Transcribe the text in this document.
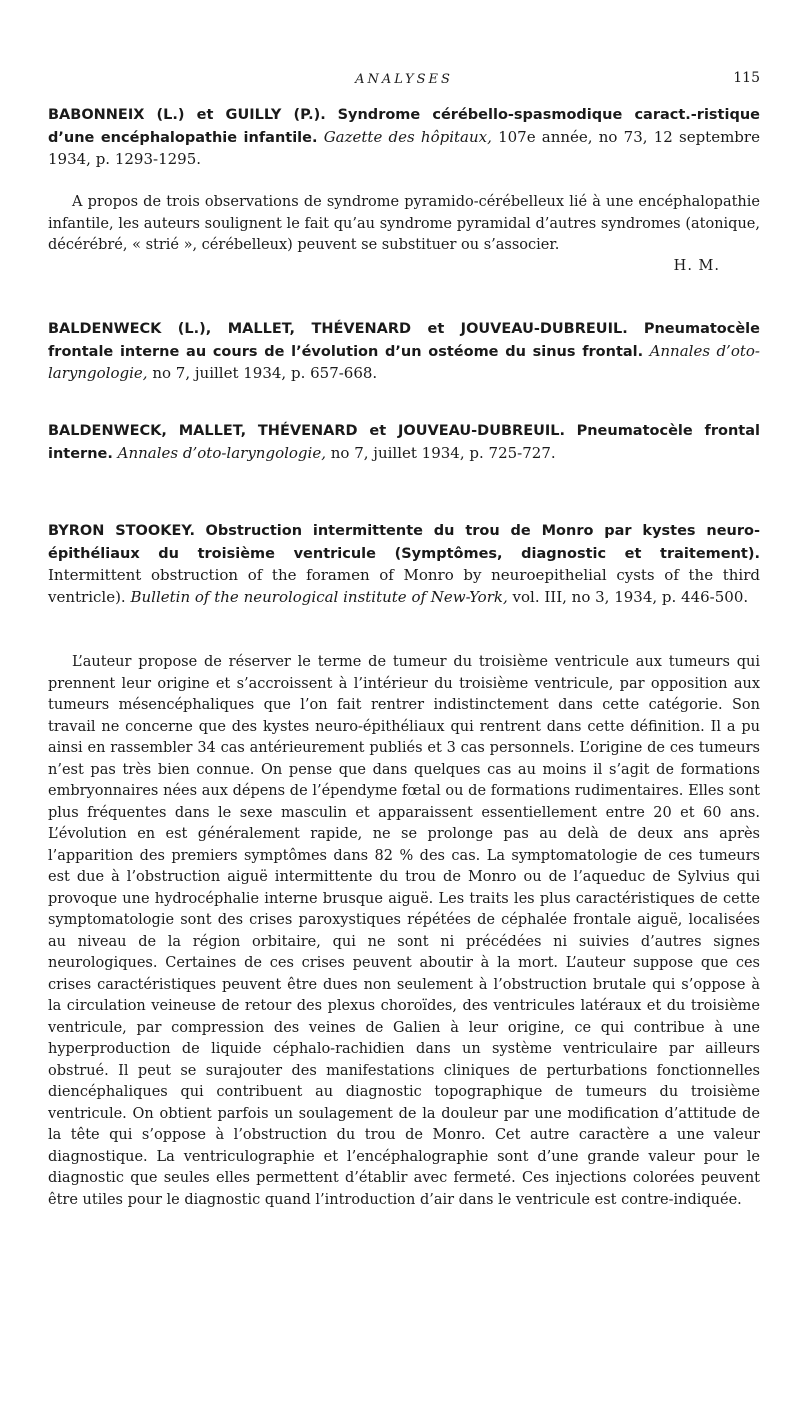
ANALYSES	115

BABONNEIX (L.) et GUILLY (P.). Syndrome cérébello-spasmodique caract.-ristique d’une encéphalopathie infantile. Gazette des hôpitaux, 107e année, no 73, 12 septembre 1934, p. 1293-1295.

A propos de trois observations de syndrome pyramido-cérébelleux lié à une encéphalopathie infantile, les auteurs soulignent le fait qu’au syndrome pyramidal d’autres syndromes (atonique, décérébré, « strié », cérébelleux) peuvent se substituer ou s’associer.

H. M.

BALDENWECK (L.), MALLET, THÉVENARD et JOUVEAU-DUBREUIL. Pneumatocèle frontale interne au cours de l’évolution d’un ostéome du sinus frontal. Annales d’oto-laryngologie, no 7, juillet 1934, p. 657-668.

BALDENWECK, MALLET, THÉVENARD et JOUVEAU-DUBREUIL. Pneumatocèle frontal interne. Annales d’oto-laryngologie, no 7, juillet 1934, p. 725-727.

BYRON STOOKEY. Obstruction intermittente du trou de Monro par kystes neuro-épithéliaux du troisième ventricule (Symptômes, diagnostic et traitement). Intermittent obstruction of the foramen of Monro by neuroepithelial cysts of the third ventricle). Bulletin of the neurological institute of New-York, vol. III, no 3, 1934, p. 446-500.

L’auteur propose de réserver le terme de tumeur du troisième ventricule aux tumeurs qui prennent leur origine et s’accroissent à l’intérieur du troisième ventricule, par opposition aux tumeurs mésencéphaliques que l’on fait rentrer indistinctement dans cette catégorie. Son travail ne concerne que des kystes neuro-épithéliaux qui rentrent dans cette définition. Il a pu ainsi en rassembler 34 cas antérieurement publiés et 3 cas personnels. L’origine de ces tumeurs n’est pas très bien connue. On pense que dans quelques cas au moins il s’agit de formations embryonnaires nées aux dépens de l’épendyme fœtal ou de formations rudimentaires. Elles sont plus fréquentes dans le sexe masculin et apparaissent essentiellement entre 20 et 60 ans. L’évolution en est généralement rapide, ne se prolonge pas au delà de deux ans après l’apparition des premiers symptômes dans 82 % des cas. La symptomatologie de ces tumeurs est due à l’obstruction aiguë intermittente du trou de Monro ou de l’aqueduc de Sylvius qui provoque une hydrocéphalie interne brusque aiguë. Les traits les plus caractéristiques de cette symptomatologie sont des crises paroxystiques répétées de céphalée frontale aiguë, localisées au niveau de la région orbitaire, qui ne sont ni précédées ni suivies d’autres signes neurologiques. Certaines de ces crises peuvent aboutir à la mort. L’auteur suppose que ces crises caractéristiques peuvent être dues non seulement à l’obstruction brutale qui s’oppose à la circulation veineuse de retour des plexus choroïdes, des ventricules latéraux et du troisième ventricule, par compression des veines de Galien à leur origine, ce qui contribue à une hyperproduction de liquide céphalo-rachidien dans un système ventriculaire par ailleurs obstrué. Il peut se surajouter des manifestations cliniques de perturbations fonctionnelles diencéphaliques qui contribuent au diagnostic topographique de tumeurs du troisième ventricule. On obtient parfois un soulagement de la douleur par une modification d’attitude de la tête qui s’oppose à l’obstruction du trou de Monro. Cet autre caractère a une valeur diagnostique. La ventriculographie et l’encéphalographie sont d’une grande valeur pour le diagnostic que seules elles permettent d’établir avec fermeté. Ces injections colorées peuvent être utiles pour le diagnostic quand l’introduction d’air dans le ventricule est contre-indiquée.
